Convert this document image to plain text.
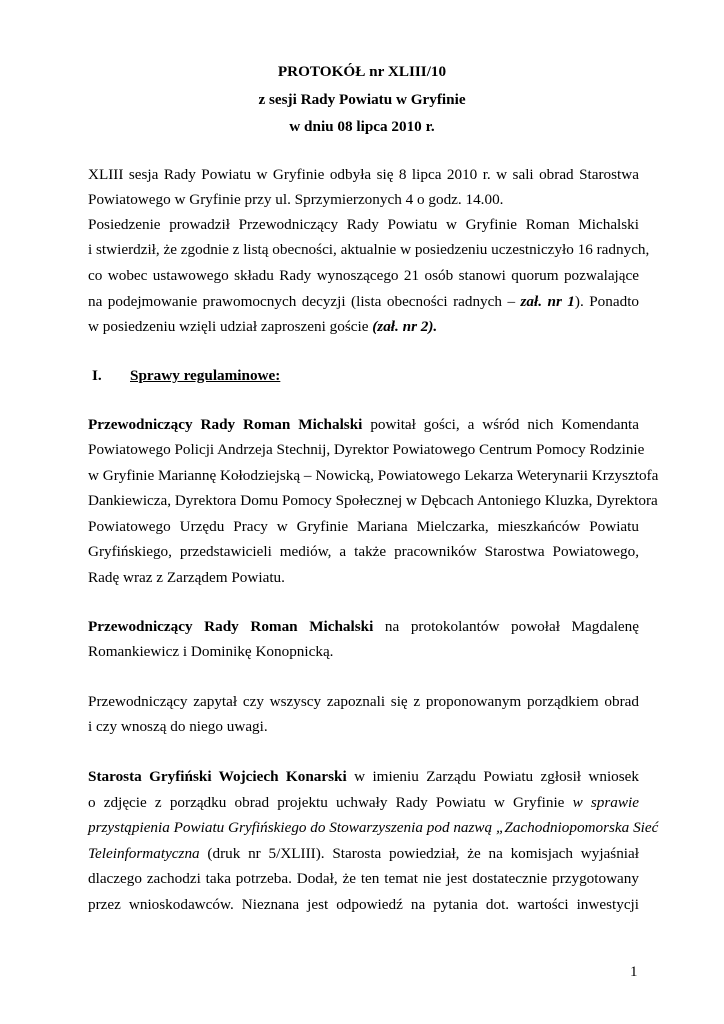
PROTOKÓŁ nr XLIII/10
z sesji Rady Powiatu w Gryfinie
w dniu 08 lipca 2010 r.
XLIII sesja Rady Powiatu w Gryfinie odbyła się 8 lipca 2010 r. w sali obrad Starostwa
Powiatowego w Gryfinie przy ul. Sprzymierzonych 4 o godz. 14.00.
Posiedzenie prowadził Przewodniczący Rady Powiatu w Gryfinie Roman Michalski
i stwierdził, że zgodnie z listą obecności, aktualnie w posiedzeniu uczestniczyło 16 radnych,
co wobec ustawowego składu Rady wynoszącego 21 osób stanowi quorum pozwalające
na podejmowanie prawomocnych decyzji (lista obecności radnych – zał. nr 1). Ponadto
w posiedzeniu wzięli udział zaproszeni goście (zał. nr 2).
I. Sprawy regulaminowe:
Przewodniczący Rady Roman Michalski powitał gości, a wśród nich Komendanta
Powiatowego Policji Andrzeja Stechnij, Dyrektor Powiatowego Centrum Pomocy Rodzinie
w Gryfinie Mariannę Kołodziejską – Nowicką, Powiatowego Lekarza Weterynarii Krzysztofa
Dankiewicza, Dyrektora Domu Pomocy Społecznej w Dębcach Antoniego Kluzka, Dyrektora
Powiatowego Urzędu Pracy w Gryfinie Mariana Mielczarka, mieszkańców Powiatu
Gryfińskiego, przedstawicieli mediów, a także pracowników Starostwa Powiatowego,
Radę wraz z Zarządem Powiatu.
Przewodniczący Rady Roman Michalski na protokolantów powołał Magdalenę
Romankiewicz i Dominikę Konopnicką.
Przewodniczący zapytał czy wszyscy zapoznali się z proponowanym porządkiem obrad
i czy wnoszą do niego uwagi.
Starosta Gryfiński Wojciech Konarski w imieniu Zarządu Powiatu zgłosił wniosek
o zdjęcie z porządku obrad projektu uchwały Rady Powiatu w Gryfinie w sprawie
przystąpienia Powiatu Gryfińskiego do Stowarzyszenia pod nazwą „Zachodniopomorska Sieć
Teleinformatyczna (druk nr 5/XLIII). Starosta powiedział, że na komisjach wyjaśniał
dlaczego zachodzi taka potrzeba. Dodał, że ten temat nie jest dostatecznie przygotowany
przez wnioskodawców. Nieznana jest odpowiedź na pytania dot. wartości inwestycji
1
